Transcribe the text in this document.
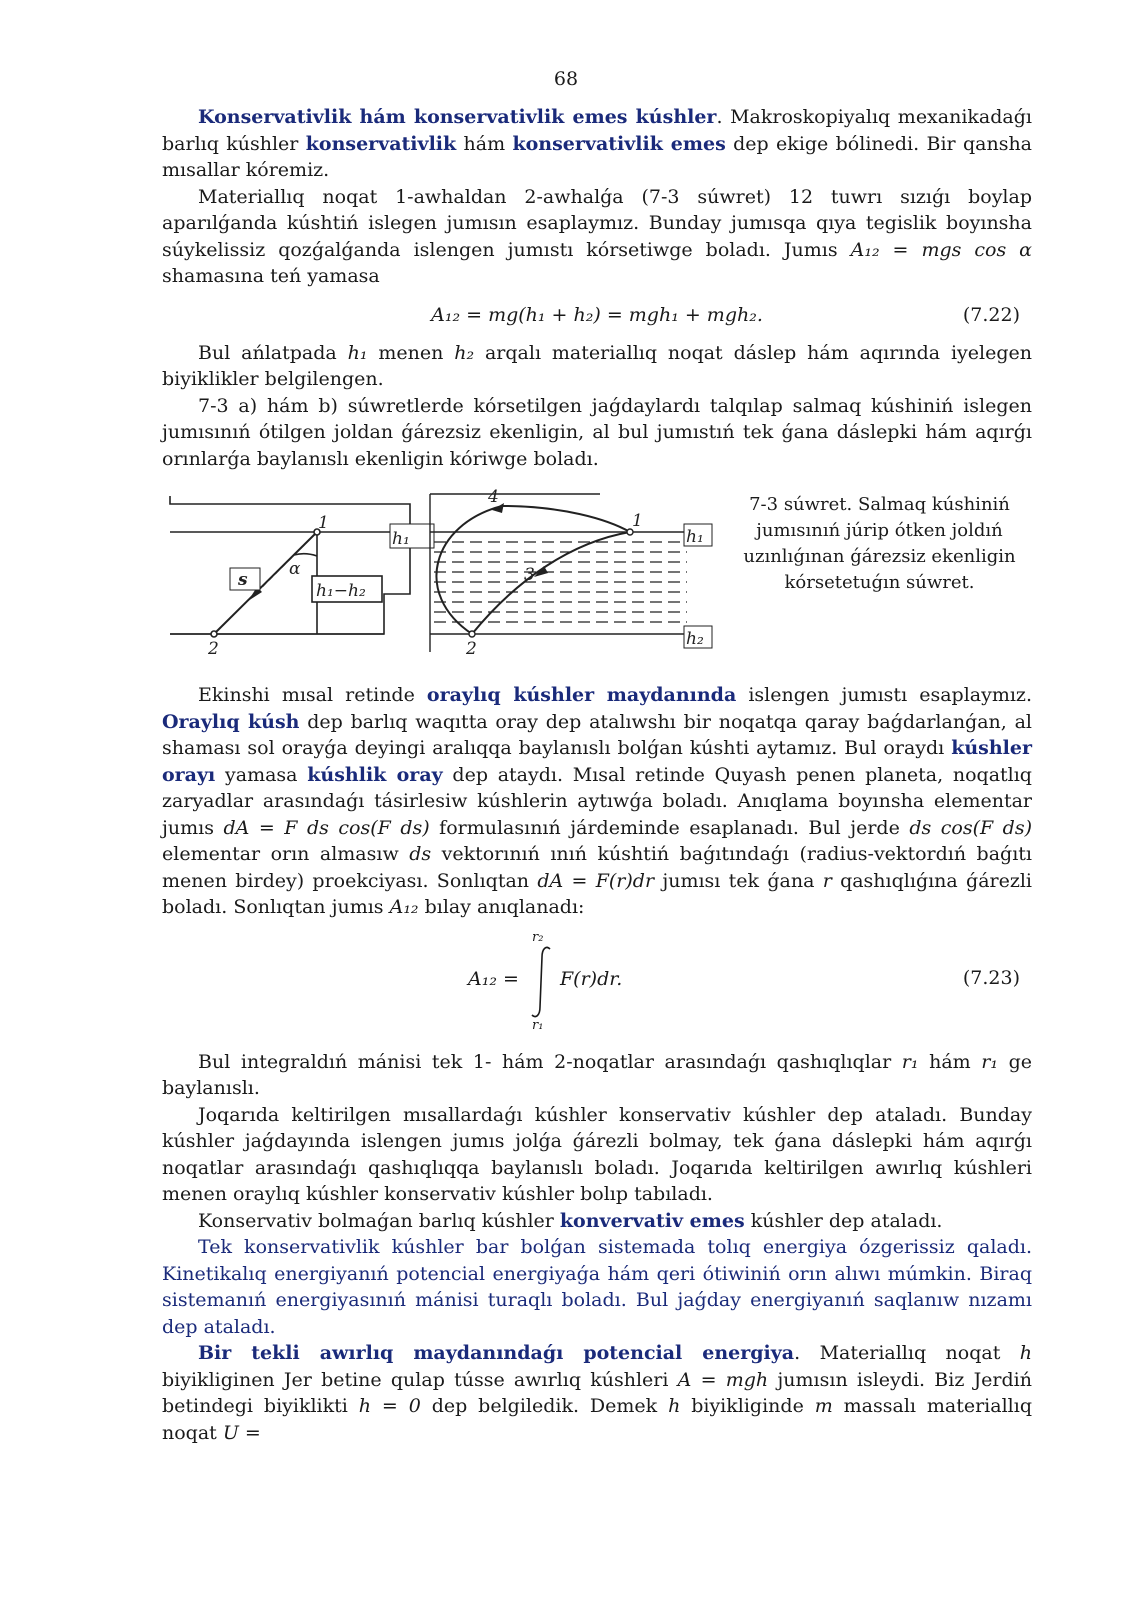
68

Konservativlik hám konservativlik emes kúshler. Makroskopiyalıq mexanikadaǵı barlıq kúshler konservativlik hám konservativlik emes dep ekige bólinedi. Bir qansha mısallar kóremiz.

Materiallıq noqat 1-awhaldan 2-awhalǵa (7-3 súwret) 12 tuwrı sızıǵı boylap aparılǵanda kúshtiń islegen jumısın esaplaymız. Bunday jumısqa qıya tegislik boyınsha súykelissiz qozǵalǵanda islengen jumıstı kórsetiwge boladı. Jumıs A₁₂ = mgs cos α shamasına teń yamasa

A₁₂ = mg(h₁ + h₂) = mgh₁ + mgh₂.	(7.22)

Bul ańlatpada h₁ menen h₂ arqalı materiallıq noqat dáslep hám aqırında iyelegen biyiklikler belgilengen.

7-3 a) hám b) súwretlerde kórsetilgen jaǵdaylardı talqılap salmaq kúshiniń islegen jumısınıń ótilgen joldan ǵárezsiz ekenligin, al bul jumıstıń tek ǵana dáslepki hám aqırǵı orınlarǵa baylanıslı ekenligin kóriwge boladı.

1
2
h₁
h₁−h₂
s
α
1
2
3
4
h₁
h₂
7-3 súwret. Salmaq kúshiniń jumısınıń júrip ótken joldıń uzınlıǵınan ǵárezsiz ekenligin kórsetetuǵın súwret.

Ekinshi mısal retinde oraylıq kúshler maydanında islengen jumıstı esaplaymız. Oraylıq kúsh dep barlıq waqıtta oray dep atalıwshı bir noqatqa qaray baǵdarlanǵan, al shaması sol orayǵa deyingi aralıqqa baylanıslı bolǵan kúshti aytamız. Bul oraydı kúshler orayı yamasa kúshlik oray dep ataydı. Mısal retinde Quyash penen planeta, noqatlıq zaryadlar arasındaǵı tásirlesiw kúshlerin aytıwǵa boladı. Anıqlama boyınsha elementar jumıs dA = F ds cos(F ds) formulasınıń járdeminde esaplanadı. Bul jerde ds cos(F ds) elementar orın almasıw ds vektorınıń ınıń kúshtiń baǵıtındaǵı (radius-vektordıń baǵıtı menen birdey) proekciyası. Sonlıqtan dA = F(r)dr jumısı tek ǵana r qashıqlıǵına ǵárezli boladı. Sonlıqtan jumıs A₁₂ bılay anıqlanadı:

A₁₂ =
r₂
r₁
F(r)dr.	(7.23)

Bul integraldıń mánisi tek 1- hám 2-noqatlar arasındaǵı qashıqlıqlar r₁ hám r₁ ge baylanıslı.

Joqarıda keltirilgen mısallardaǵı kúshler konservativ kúshler dep ataladı. Bunday kúshler jaǵdayında islengen jumıs jolǵa ǵárezli bolmay, tek ǵana dáslepki hám aqırǵı noqatlar arasındaǵı qashıqlıqqa baylanıslı boladı. Joqarıda keltirilgen awırlıq kúshleri menen oraylıq kúshler konservativ kúshler bolıp tabıladı.

Konservativ bolmaǵan barlıq kúshler konvervativ emes kúshler dep ataladı.

Tek konservativlik kúshler bar bolǵan sistemada tolıq energiya ózgerissiz qaladı. Kinetikalıq energiyanıń potencial energiyaǵa hám qeri ótiwiniń orın alıwı múmkin. Biraq sistemanıń energiyasınıń mánisi turaqlı boladı. Bul jaǵday energiyanıń saqlanıw nızamı dep ataladı.

Bir tekli awırlıq maydanındaǵı potencial energiya. Materiallıq noqat h biyikliginen Jer betine qulap tússe awırlıq kúshleri A = mgh jumısın isleydi. Biz Jerdiń betindegi biyiklikti h = 0 dep belgiledik. Demek h biyikliginde m massalı materiallıq noqat U =
